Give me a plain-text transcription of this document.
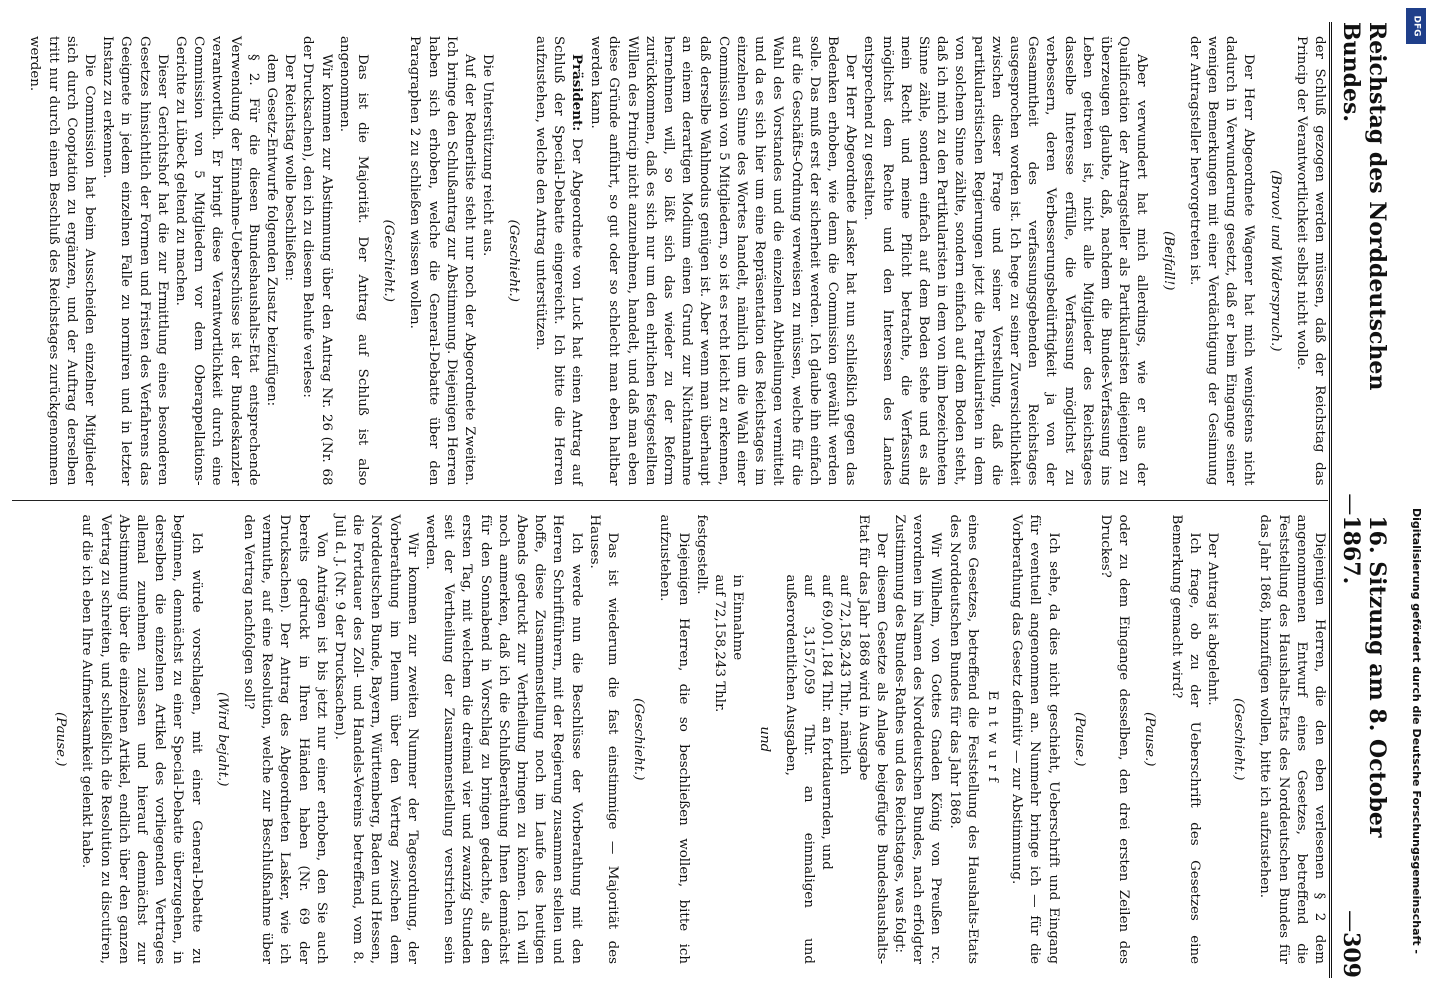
Reichstag des Norddeutschen Bundes.
—
16. Sitzung am 8. October 1867.
—
309

der Schluß gezogen werden müssen, daß der Reichstag das Princip der Verantwortlichkeit selbst nicht wolle.

(Bravo! und Widerspruch.)

Der Herr Abgeordnete Wagener hat mich wenigstens nicht dadurch in Verwunderung gesetzt, daß er beim Eingange seiner wenigen Bemerkungen mit einer Verdächtigung der Gesinnung der Antragsteller hervorgetreten ist.

(Beifall!)

Aber verwundert hat mich allerdings, wie er aus der Qualification der Antragsteller als Partikularisten diejenigen zu überzeugen glaubte, daß, nachdem die Bundes-Verfassung ins Leben getreten ist, nicht alle Mitglieder des Reichstages dasselbe Interesse erfülle, die Verfassung möglichst zu verbessern, deren Verbesserungsbedürftigkeit ja von der Gesammtheit des verfassungsgebenden Reichstages ausgesprochen worden ist. Ich hege zu seiner Zuversichtlichkeit zwischen dieser Frage und seiner Verstellung, daß die partikularistischen Regierungen jetzt die Partikularisten in dem von solchem Sinne zählte, sondern einfach auf dem Boden steht, daß ich mich zu den Partikularisten in dem von ihm bezeichneten Sinne zähle, sondern einfach auf dem Boden stehe und es als mein Recht und meine Pflicht betrachte, die Verfassung möglichst dem Rechte und den Interessen des Landes entsprechend zu gestalten.

Der Herr Abgeordnete Lasker hat nun schließlich gegen das Bedenken erhoben, wie denn die Commission gewählt werden solle. Das muß erst der sicherheit werden. Ich glaube ihn einfach auf die Geschäfts-Ordnung verweisen zu müssen, welche für die Wahl des Vorstandes und die einzelnen Abtheilungen vermittelt und da es sich hier um eine Repräsentation des Reichstages im einzelnen Sinne des Wortes handelt, nämlich um die Wahl einer Commission von 5 Mitgliedern, so ist es recht leicht zu erkennen, daß derselbe Wahlmodus genügen ist. Aber wenn man überhaupt an einem derartigen Modium einen Grund zur Nichtannahme hernehmen will, so läßt sich das wieder zu der Reform zurückkommen, daß es sich nur um den ehrlichen festgestellten Willen des Princip nicht anzunehmen, handelt, und daß man eben diese Gründe anführt, so gut oder so schlecht man eben haltbar werden kann.

Präsident: Der Abgeordnete von Luck hat einen Antrag auf Schluß der Special-Debatte eingereicht. Ich bitte die Herren aufzustehen, welche den Antrag unterstützen.

(Geschieht.)

Die Unterstützung reicht aus.

Auf der Rednerliste steht nur noch der Abgeordnete Zweiten. Ich bringe den Schlußantrag zur Abstimmung. Diejenigen Herren haben sich erhoben, welche die General-Debatte über den Paragraphen 2 zu schließen wissen wollen.

(Geschieht.)

Das ist die Majorität. Der Antrag auf Schluß ist also angenommen.

Wir kommen zur Abstimmung über den Antrag Nr. 26 (Nr. 68 der Drucksachen), den ich zu diesem Behufe verlese:

Der Reichstag wolle beschließen:

dem Gesetz-Entwurfe folgenden Zusatz beizufügen:

§ 2. Für die diesen Bundeshaushalts-Etat entsprechende Verwendung der Einnahme-Ueberschüsse ist der Bundeskanzler verantwortlich. Er bringt diese Verantwortlichkeit durch eine Commission von 5 Mitgliedern vor dem Oberappellations-Gerichte zu Lübeck geltend zu machen.

Dieser Gerichtshof hat die zur Ermittlung eines besonderen Gesetzes hinsichtlich der Formen und Fristen des Verfahrens das Geeignete in jedem einzelnen Falle zu normiren und in letzter Instanz zu erkennen.

Die Commission hat beim Ausscheiden einzelner Mitglieder sich durch Cooptation zu ergänzen, und der Auftrag derselben tritt nur durch einen Beschluß des Reichstages zurückgenommen werden.

Diejenigen Herren, die den eben verlesenen § 2 dem angenommenen Entwurf eines Gesetzes, betreffend die Feststellung des Haushalts-Etats des Norddeutschen Bundes für das Jahr 1868, hinzufügen wollen, bitte ich aufzustehen.

(Geschieht.)

Der Antrag ist abgelehnt.

Ich frage, ob zu der Ueberschrift des Gesetzes eine Bemerkung gemacht wird?

(Pause.)

oder zu dem Eingange desselben, den drei ersten Zeilen des Druckes?

(Pause.)

Ich sehe, da dies nicht geschieht, Ueberschrift und Eingang für eventuell angenommen an. Nunmehr bringe ich — für die Vorberathung das Gesetz definitiv — zur Abstimmung.

Entwurf

eines Gesetzes, betreffend die Feststellung des Haushalts-Etats des Norddeutschen Bundes für das Jahr 1868.

Wir Wilhelm, von Gottes Gnaden König von Preußen rc. verordnen im Namen des Norddeutschen Bundes, nach erfolgter Zustimmung des Bundes-Rathes und des Reichstages, was folgt:

Der diesem Gesetze als Anlage beigefügte Bundeshaushalts-Etat für das Jahr 1868 wird in Ausgabe

auf 72,158,243 Thlr., nämlich

auf 69,001,184 Thlr. an fortdauernden, und

auf 3,157,059 Thlr. an einmaligen und außerordentlichen Ausgaben,

und

in Einnahme

auf 72,158,243 Thlr.

festgestellt.

Diejenigen Herren, die so beschließen wollen, bitte ich aufzustehen.

(Geschieht.)

Das ist wiederum die fast einstimmige — Majorität des Hauses.

Ich werde nun die Beschlüsse der Vorberathung mit den Herren Schriftführern, mit der Regierung zusammen stellen und hoffe, diese Zusammenstellung noch im Laufe des heutigen Abends gedruckt zur Vertheilung bringen zu können. Ich will noch anmerken, daß ich die Schlußberathung Ihnen demnächst für den Sonnabend in Vorschlag zu bringen gedachte, als den ersten Tag, mit welchem die dreimal vier und zwanzig Stunden seit der Vertheilung der Zusammenstellung verstrichen sein werden.

Wir kommen zur zweiten Nummer der Tagesordnung, der Vorberathung im Plenum über den Vertrag zwischen dem Norddeutschen Bunde, Bayern, Württemberg, Baden und Hessen, die Fortdauer des Zoll- und Handels-Vereins betreffend, vom 8. Juli d. J. (Nr. 9 der Drucksachen).

Von Anträgen ist bis jetzt nur einer erhoben, den Sie auch bereits gedruckt in Ihren Händen haben (Nr. 69 der Drucksachen). Der Antrag des Abgeordneten Lasker, wie ich vermuthe, auf eine Resolution, welche zur Beschlußnahme über den Vertrag nachfolgen soll?

(Wird bejaht.)

Ich würde vorschlagen, mit einer General-Debatte zu beginnen, demnächst zu einer Special-Debatte überzugehen, in derselben die einzelnen Artikel des vorliegenden Vertrages allemal zunehmen zulassen und hierauf demnächst zur Abstimmung über die einzelnen Artikel, endlich über den ganzen Vertrag zu schreiten, und schließlich die Resolution zu discutiren, auf die ich eben Ihre Aufmerksamkeit gelenkt habe.

(Pause.)	Digitalisierung gefördert durch die Deutsche Forschungsgemeinschaft -
DFG
